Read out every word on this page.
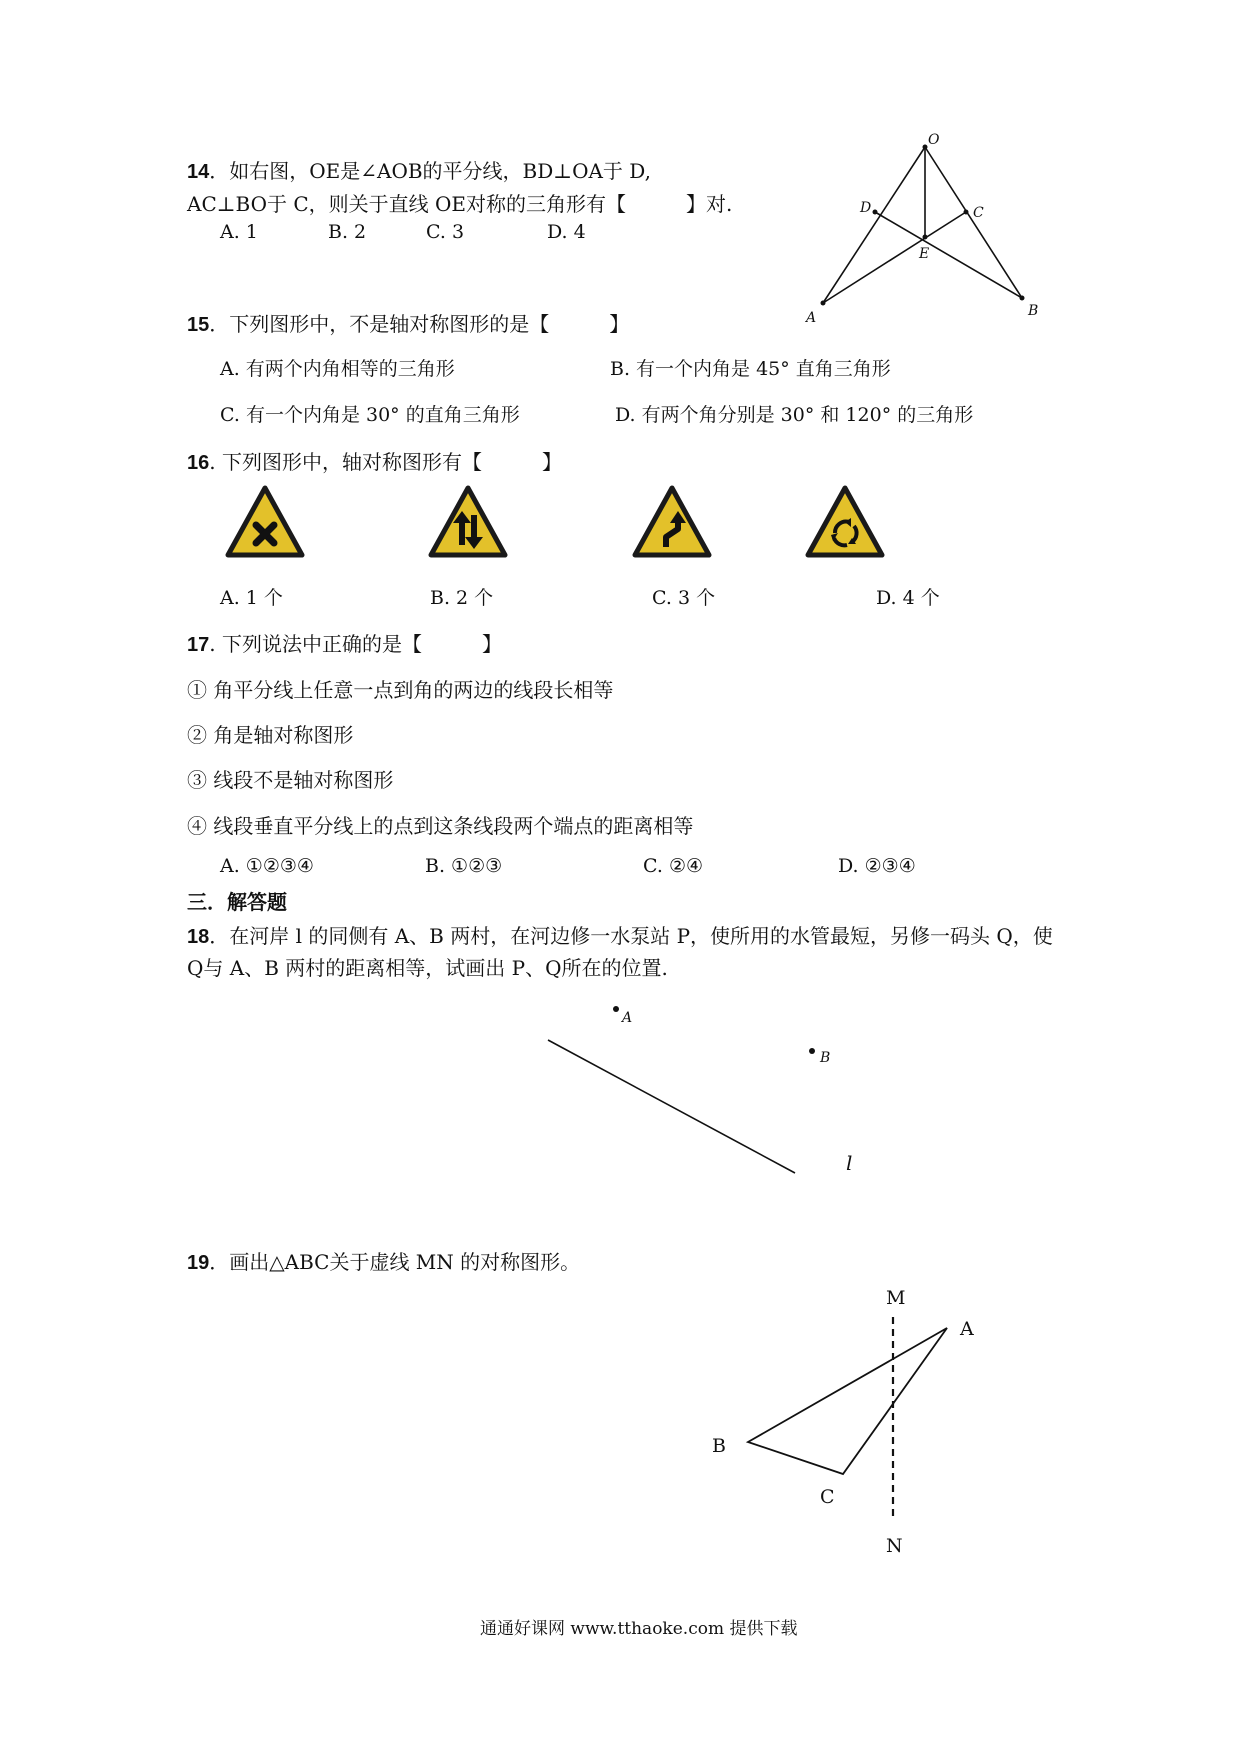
14．如右图，OE是∠AOB的平分线，BD⊥OA于 D,
AC⊥BO于 C，则关于直线 OE对称的三角形有【　　　】对.
A. 1	B. 2	C. 3	D. 4
O
D	C
E
A	B
15．下列图形中，不是轴对称图形的是【　　　】
A. 有两个内角相等的三角形	B. 有一个内角是 45° 直角三角形
C. 有一个内角是 30° 的直角三角形	D. 有两个角分别是 30° 和 120° 的三角形
16. 下列图形中，轴对称图形有【　　　】
A. 1 个	B. 2 个	C. 3 个	D. 4 个
17. 下列说法中正确的是【　　　】
① 角平分线上任意一点到角的两边的线段长相等
② 角是轴对称图形
③ 线段不是轴对称图形
④ 线段垂直平分线上的点到这条线段两个端点的距离相等
A. ①②③④	B. ①②③	C. ②④	D. ②③④
三．解答题
18．在河岸 l 的同侧有 A、B 两村，在河边修一水泵站 P，使所用的水管最短，另修一码头 Q，使
Q与 A、B 两村的距离相等，试画出 P、Q所在的位置.
A
B
l
19．画出△ABC关于虚线 MN 的对称图形。
M
N
A
B
C
通通好课网 www.tthaoke.com 提供下载
